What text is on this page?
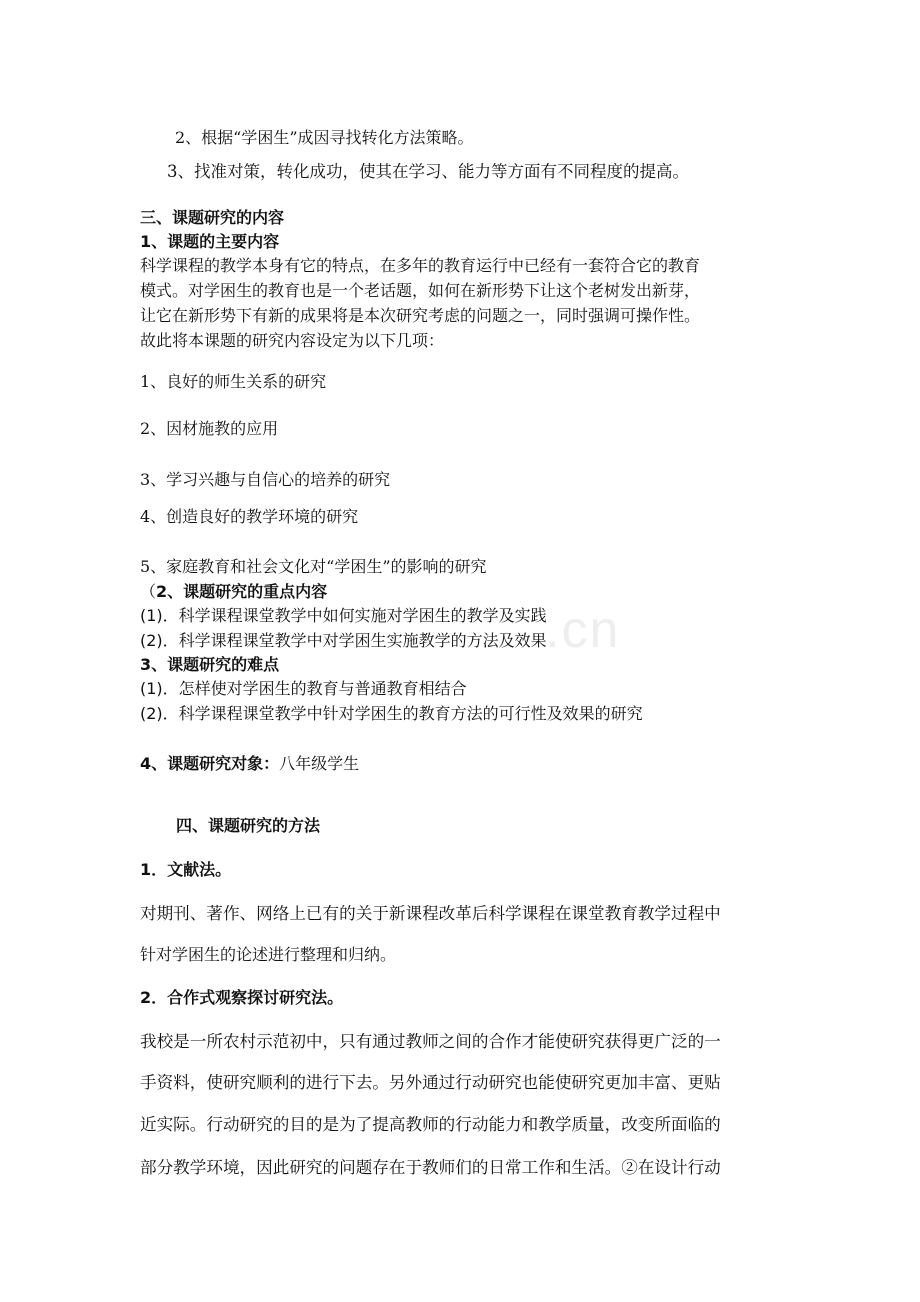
.cn
2、根据“学困生”成因寻找转化方法策略。
3、找准对策，转化成功，使其在学习、能力等方面有不同程度的提高。
三、课题研究的内容
1、课题的主要内容
科学课程的教学本身有它的特点，在多年的教育运行中已经有一套符合它的教育
模式。对学困生的教育也是一个老话题，如何在新形势下让这个老树发出新芽，
让它在新形势下有新的成果将是本次研究考虑的问题之一，同时强调可操作性。
故此将本课题的研究内容设定为以下几项：
1、良好的师生关系的研究
2、因材施教的应用
3、学习兴趣与自信心的培养的研究
4、创造良好的教学环境的研究
5、家庭教育和社会文化对“学困生”的影响的研究
（2、课题研究的重点内容
(1)．科学课程课堂教学中如何实施对学困生的教学及实践
(2)．科学课程课堂教学中对学困生实施教学的方法及效果
3、课题研究的难点
(1)．怎样使对学困生的教育与普通教育相结合
(2)．科学课程课堂教学中针对学困生的教育方法的可行性及效果的研究
4、课题研究对象：八年级学生
四、课题研究的方法
1．文献法。
对期刊、著作、网络上已有的关于新课程改革后科学课程在课堂教育教学过程中
针对学困生的论述进行整理和归纳。
2．合作式观察探讨研究法。
我校是一所农村示范初中，只有通过教师之间的合作才能使研究获得更广泛的一
手资料，使研究顺利的进行下去。另外通过行动研究也能使研究更加丰富、更贴
近实际。行动研究的目的是为了提高教师的行动能力和教学质量，改变所面临的
部分教学环境，因此研究的问题存在于教师们的日常工作和生活。②在设计行动
